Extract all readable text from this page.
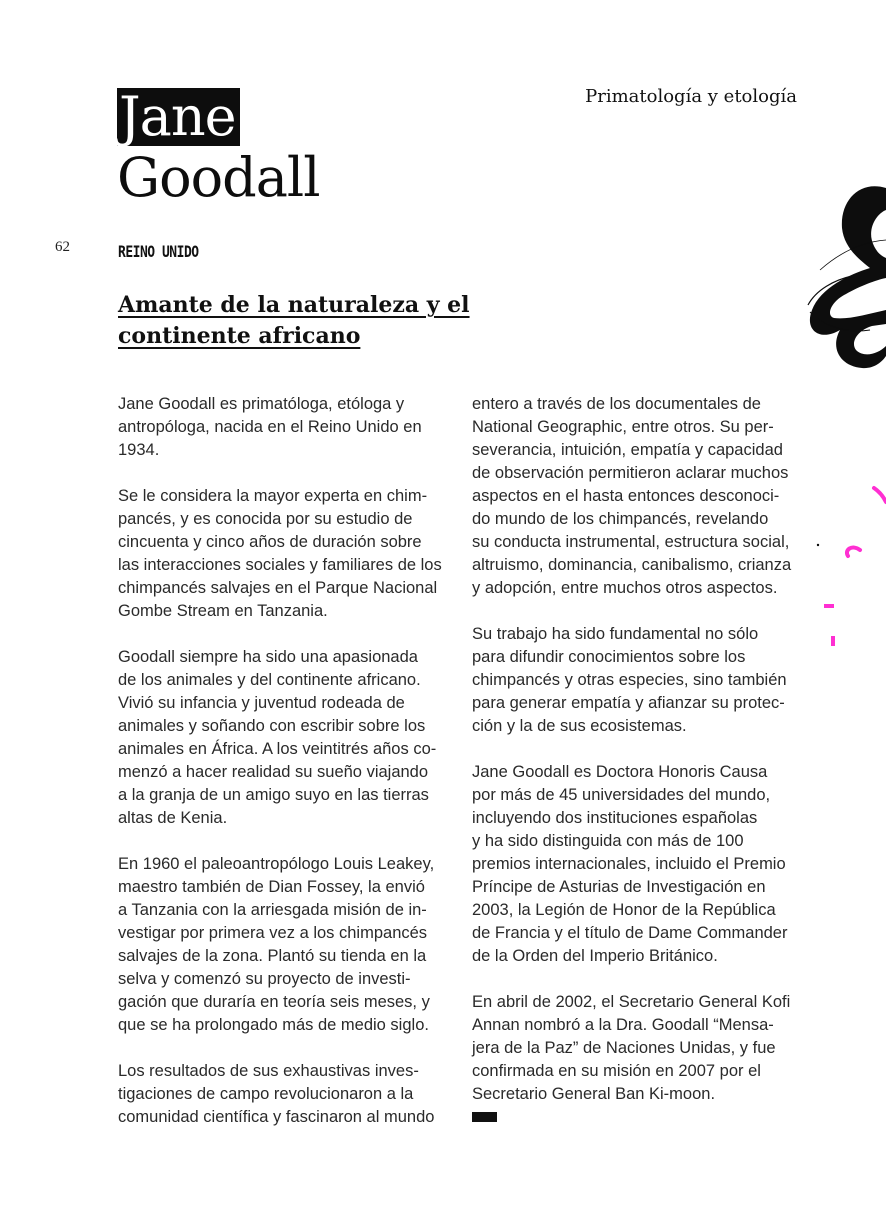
Primatología y etología
Jane
Goodall
62	REINO UNIDO
Amante de la naturaleza y el
continente africano
Jane Goodall es primatóloga, etóloga y
antropóloga, nacida en el Reino Unido en
1934.
Se le considera la mayor experta en chim-
pancés, y es conocida por su estudio de
cincuenta y cinco años de duración sobre
las interacciones sociales y familiares de los
chimpancés salvajes en el Parque Nacional
Gombe Stream en Tanzania.
Goodall siempre ha sido una apasionada
de los animales y del continente africano.
Vivió su infancia y juventud rodeada de
animales y soñando con escribir sobre los
animales en África. A los veintitrés años co-
menzó a hacer realidad su sueño viajando
a la granja de un amigo suyo en las tierras
altas de Kenia.
En 1960 el paleoantropólogo Louis Leakey,
maestro también de Dian Fossey, la envió
a Tanzania con la arriesgada misión de in-
vestigar por primera vez a los chimpancés
salvajes de la zona. Plantó su tienda en la
selva y comenzó su proyecto de investi-
gación que duraría en teoría seis meses, y
que se ha prolongado más de medio siglo.
Los resultados de sus exhaustivas inves-
tigaciones de campo revolucionaron a la
comunidad científica y fascinaron al mundo
entero a través de los documentales de
National Geographic, entre otros. Su per-
severancia, intuición, empatía y capacidad
de observación permitieron aclarar muchos
aspectos en el hasta entonces desconoci-
do mundo de los chimpancés, revelando
su conducta instrumental, estructura social,
altruismo, dominancia, canibalismo, crianza
y adopción, entre muchos otros aspectos.
Su trabajo ha sido fundamental no sólo
para difundir conocimientos sobre los
chimpancés y otras especies, sino también
para generar empatía y afianzar su protec-
ción y la de sus ecosistemas.
Jane Goodall es Doctora Honoris Causa
por más de 45 universidades del mundo,
incluyendo dos instituciones españolas
y ha sido distinguida con más de 100
premios internacionales, incluido el Premio
Príncipe de Asturias de Investigación en
2003, la Legión de Honor de la República
de Francia y el título de Dame Commander
de la Orden del Imperio Británico.
En abril de 2002, el Secretario General Kofi
Annan nombró a la Dra. Goodall “Mensa-
jera de la Paz” de Naciones Unidas, y fue
confirmada en su misión en 2007 por el
Secretario General Ban Ki-moon.
